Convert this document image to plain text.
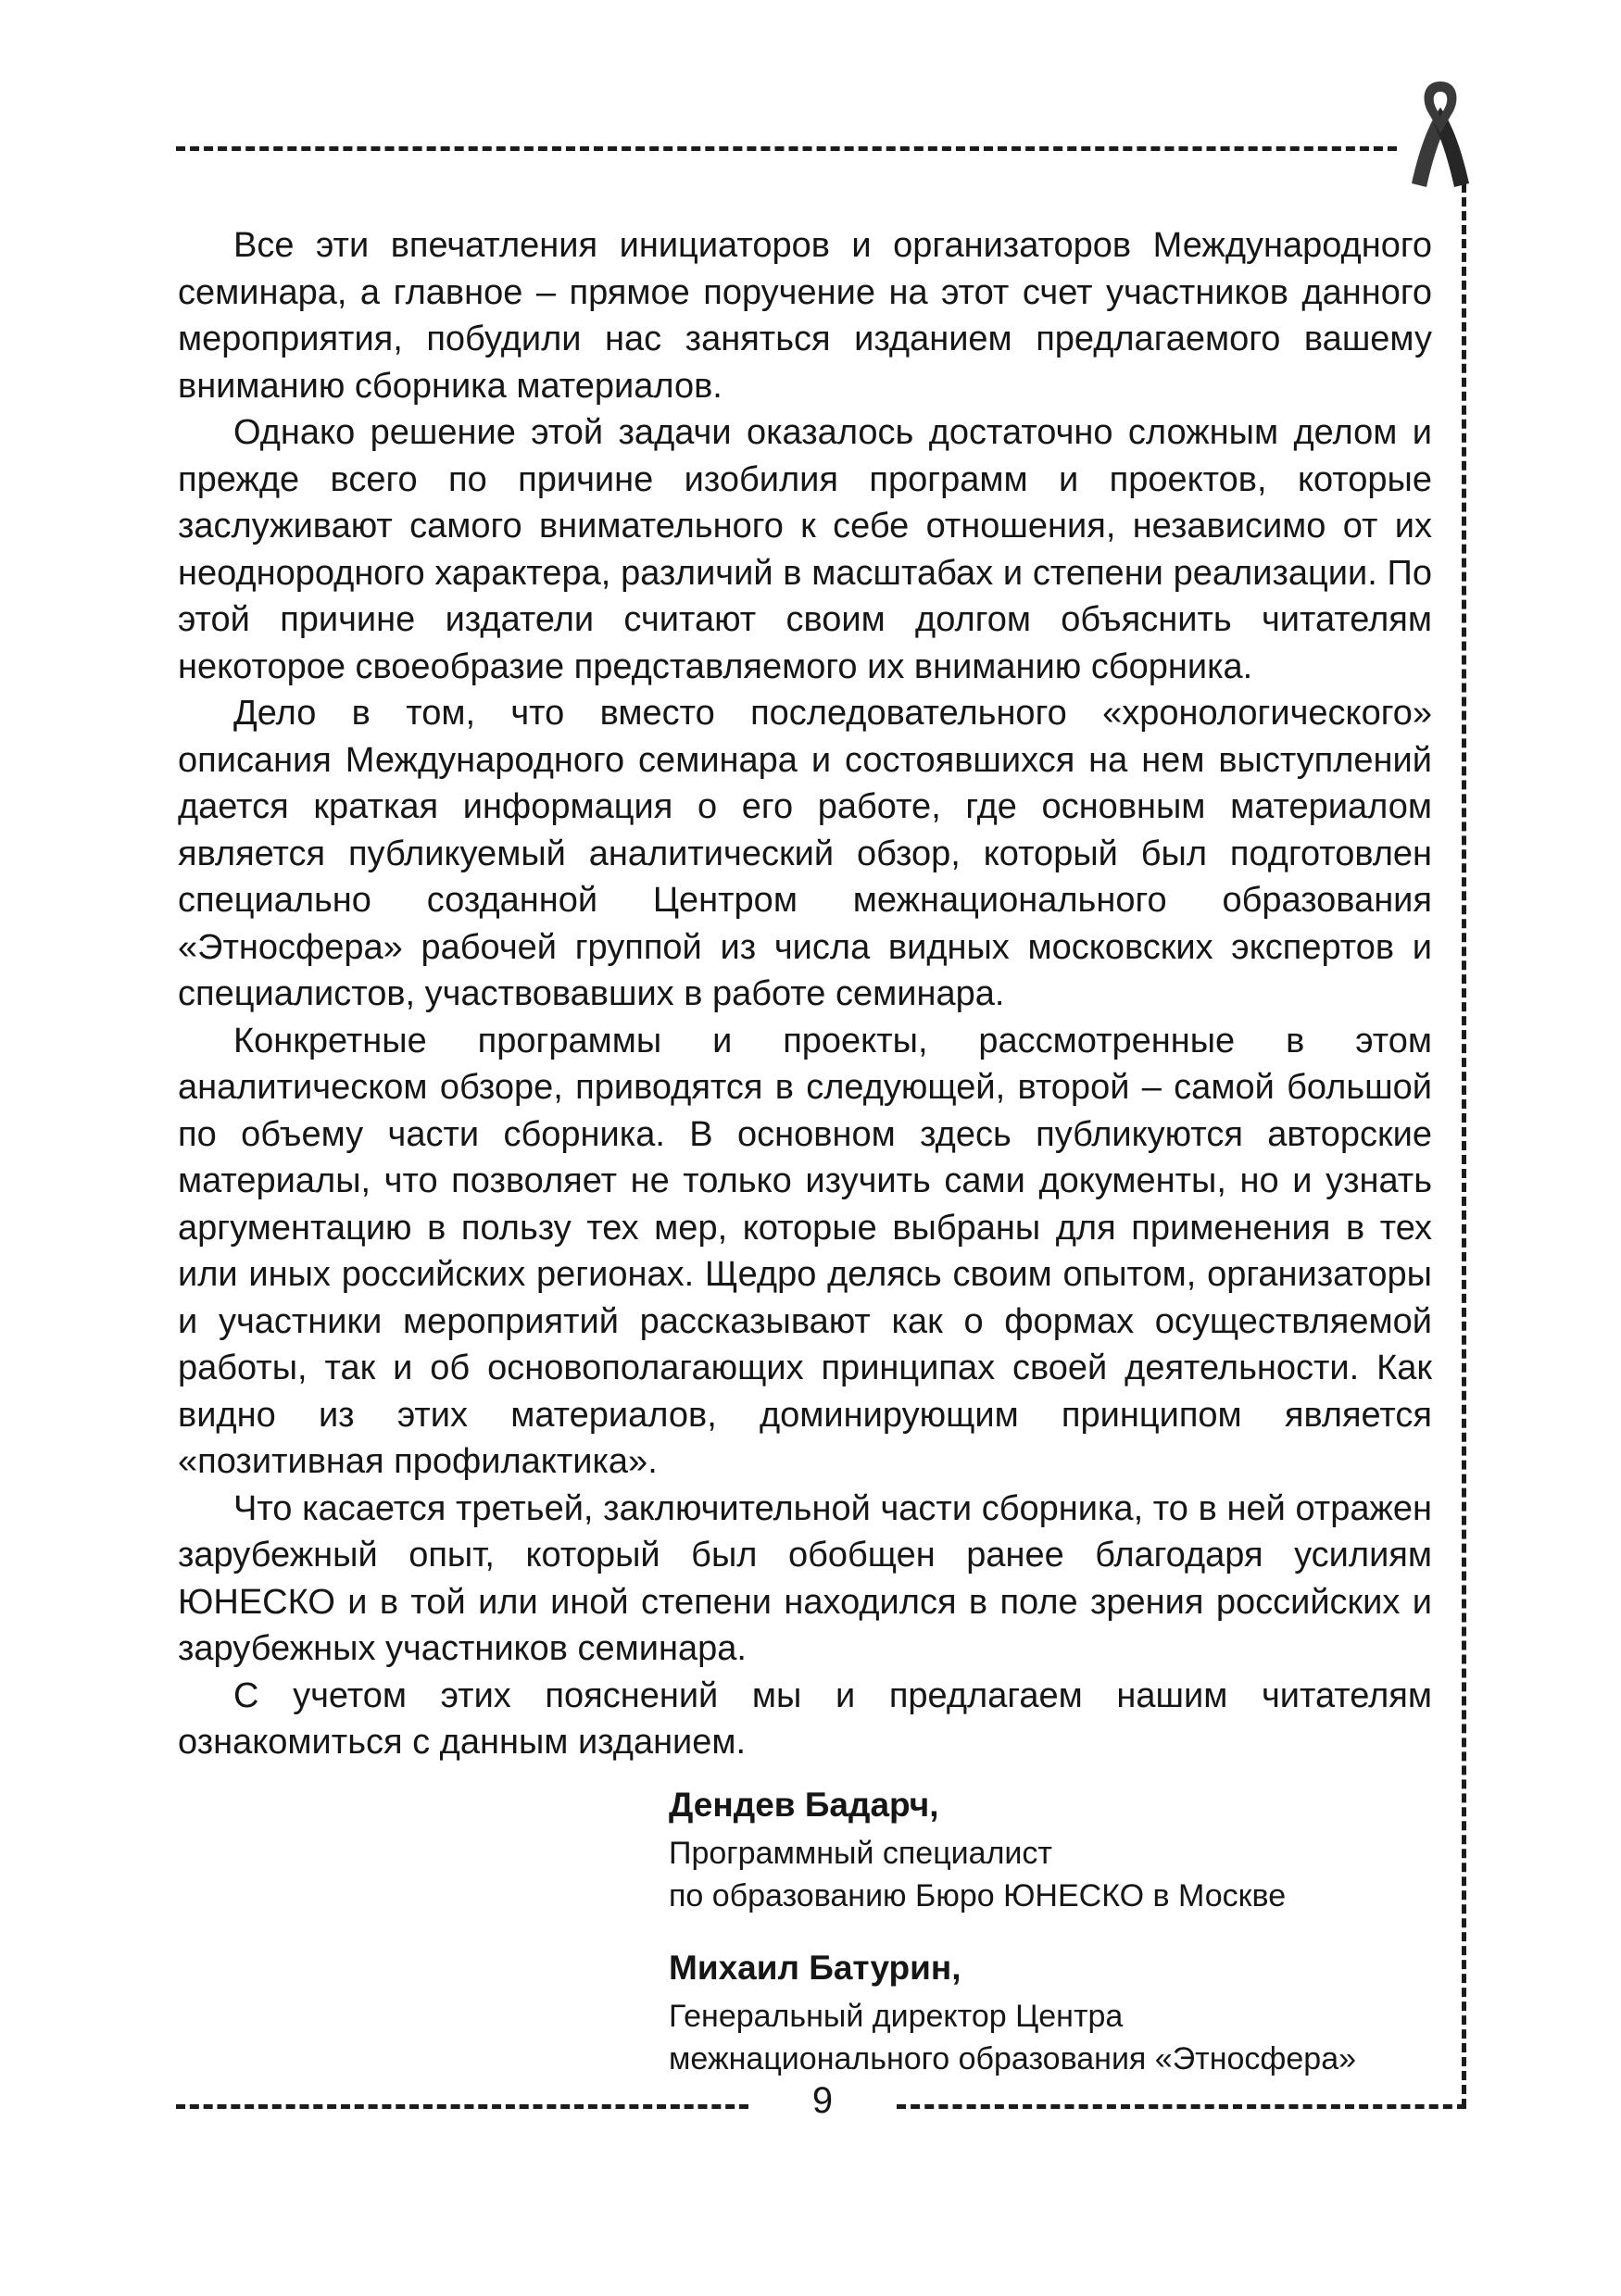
Все эти впечатления инициаторов и организаторов Международного семинара, а главное – прямое поручение на этот счет участников данного мероприятия, побудили нас заняться изданием предлагаемого вашему вниманию сборника материалов.

Однако решение этой задачи оказалось достаточно сложным делом и прежде всего по причине изобилия программ и проектов, которые заслуживают самого внимательного к себе отношения, независимо от их неоднородного характера, различий в масштабах и степени реализации. По этой причине издатели считают своим долгом объяснить читателям некоторое своеобразие представляемого их вниманию сборника.

Дело в том, что вместо последовательного «хронологического» описания Международного семинара и состоявшихся на нем выступлений дается краткая информация о его работе, где основным материалом является публикуемый аналитический обзор, который был подготовлен специально созданной Центром межнационального образования «Этносфера» рабочей группой из числа видных московских экспертов и специалистов, участвовавших в работе семинара.

Конкретные программы и проекты, рассмотренные в этом аналитическом обзоре, приводятся в следующей, второй – самой большой по объему части сборника. В основном здесь публикуются авторские материалы, что позволяет не только изучить сами документы, но и узнать аргументацию в пользу тех мер, которые выбраны для применения в тех или иных российских регионах. Щедро делясь своим опытом, организаторы и участники мероприятий рассказывают как о формах осуществляемой работы, так и об основополагающих принципах своей деятельности. Как видно из этих материалов, доминирующим принципом является «позитивная профилактика».

Что касается третьей, заключительной части сборника, то в ней отражен зарубежный опыт, который был обобщен ранее благодаря усилиям ЮНЕСКО и в той или иной степени находился в поле зрения российских и зарубежных участников семинара.

С учетом этих пояснений мы и предлагаем нашим читателям ознакомиться с данным изданием.

Дендев Бадарч,
Программный специалист
по образованию Бюро ЮНЕСКО в Москве
Михаил Батурин,
Генеральный директор Центра
межнационального образования «Этносфера»
9
